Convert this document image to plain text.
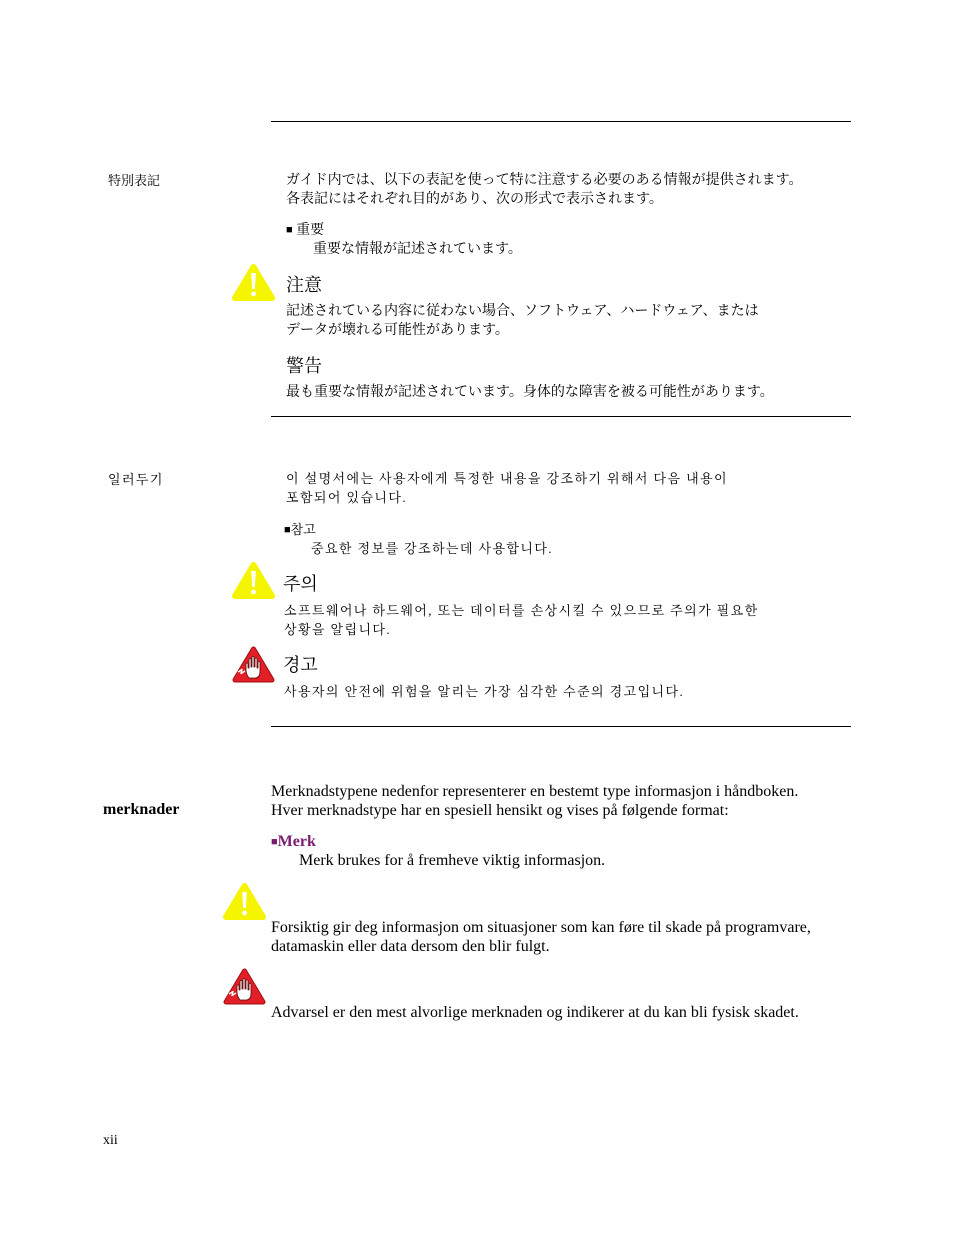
特別表記	ガイド内では、以下の表記を使って特に注意する必要のある情報が提供されます。
各表記にはそれぞれ目的があり、次の形式で表示されます。

■ 重要
重要な情報が記述されています。
注意

記述されている内容に従わない場合、ソフトウェア、ハードウェア、または
データが壊れる可能性があります。

警告
最も重要な情報が記述されています。身体的な障害を被る可能性があります。
일러두기	이 설명서에는 사용자에게 특정한 내용을 강조하기 위해서 다음 내용이
포함되어 있습니다.

■참고
중요한 정보를 강조하는데 사용합니다.
주의

소프트웨어나 하드웨어, 또는 데이터를 손상시킬 수 있으므로 주의가 필요한
상황을 알립니다.

경고
사용자의 안전에 위험을 알리는 가장 심각한 수준의 경고입니다.
merknader

Merknadstypene nedenfor representerer en bestemt type informasjon i håndboken.
Hver merknadstype har en spesiell hensikt og vises på følgende format:

■Merk
Merk brukes for å fremheve viktig informasjon.

Forsiktig gir deg informasjon om situasjoner som kan føre til skade på programvare,
datamaskin eller data dersom den blir fulgt.

Advarsel er den mest alvorlige merknaden og indikerer at du kan bli fysisk skadet.
xii
